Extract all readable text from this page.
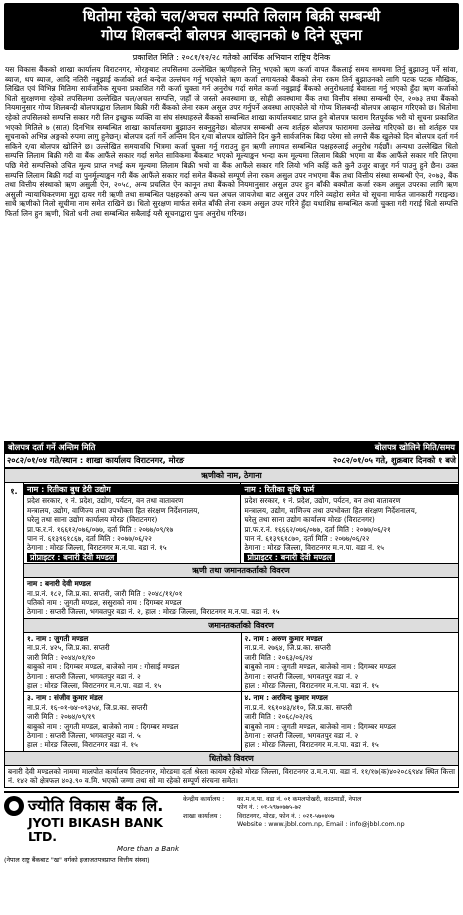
धितोमा रहेको चल/अचल सम्पति लिलाम बिक्री सम्बन्धी
गोप्य शिलबन्दी बोलपत्र आव्हानको ७ दिने सूचना
प्रकाशित मिति : २०८१/१२/२८ गतेको आर्थिक अभियान राष्ट्रिय दैनिक
यस विकास बैंकको शाखा कार्यालय विराटनगर, मोरङ्गबाट तपसिलमा उल्लेखित ऋणीहरुले लिनु भएको ऋण कर्जा वापत वैंकलाई समय समयमा तिर्नु बुझाउनु पर्ने सांवा, ब्याज, थप ब्याज, आदि नतिरी नबुझाई कर्जाको शर्त बन्देज उल्लंघन गर्नु भएकोले ऋण कर्जा लगायतको बैंकको लेना रकम तिर्न बुझाउनको लागि पटक पटक मौखिक, लिखित एवं विभिन्न मितिमा सार्वजनिक सूचना प्रकाशित गरी कर्जा चुक्ता गर्न अनुरोध गर्दा समेत कर्जा नबुझाई बैंकको अनुरोधलाई बेवास्ता गर्नु भएको हुँदा ऋण कर्जाको धितो सुरक्षणमा रहेको तपसिलमा उल्लेखित चल/अचल सम्पत्ति, जहाँ जे जस्तो अवस्थामा छ, सोही अवस्थामा बैंक तथा वित्तीय संस्था सम्बन्धी ऐन, २०७३ तथा बैंकको नियमानुसार गोप्य शिलबन्दी बोलपत्रद्वारा लिलाम बिक्री गरी बैंकको लेना रकम असुल उपर गर्नुपर्ने अवस्था आएकोले यो गोप्य शिलबन्दी बोलपत्र आव्हान गरिएको छ। धितोमा रहेको तपसिलको सम्पत्ति सकार गरी लिन इच्छुक व्यक्ति वा संघ संस्थाहरुले बैंकको सम्बन्धित शाखा कार्यालयबाट प्राप्त हुने बोलपत्र फाराम रितपूर्वक भरी यो सूचना प्रकाशित भएको मितिले ७ (सात) दिनभित्र सम्बन्धित शाखा कार्यालयमा बुझाउन सक्नुहुनेछ। बोलपत्र सम्बन्धी अन्य शर्तहरु बोलपत्र फाराममा उल्लेख गरिएको छ। सो शर्तहरु पत्र सूचनाको अभिन्न अङ्गको रुपमा लागु हुनेछन्। बोलपत्र दर्ता गर्ने अन्तिम दिन र/वा बोलपत्र खोलिने दिन कुनै सार्वजनिक बिदा परेमा सो लगत्तै बैंक खुलेको दिन बोलपत्र दर्ता गर्न सकिने र/वा बोलपत्र खोलिने छ। उल्लेखित समयावधि भित्रमा कर्जा चुक्ता गर्नु गराउनु हुन ऋणी लगायत सम्बन्धित पक्षहरुलाई अनुरोध गर्दछौं। अन्यथा उल्लेखित धितो सम्पत्ति लिलाम बिक्री गरी वा बैंक आफैंले सकार गर्दा समेत साविकमा बैंकबाट भएको मूल्याङ्कन भन्दा कम मूल्यमा लिलाम बिक्री भएमा वा बैंक आफैंले सकार गरि लिएमा पछि मेरो सम्पत्तिको उचित मूल्य प्राप्त नभई कम मूल्यमा लिलाम बिक्री भयो वा बैंक आफैंले सकार गरि लियो भनि कहिं कतै कुनै उजुर बाजुर गर्न पाउनु हुने छैन। उक्त सम्पत्ति लिलाम बिक्री गर्दा वा पुनर्मूल्याङ्कन गरी बैंक आफैंले सकार गर्दा समेत बैंकको सम्पूर्ण लेना रकम असुल उपर नभएमा बैंक तथा वित्तीय संस्था सम्बन्धी ऐन, २०७३, बैंक तथा वित्तीय संस्थाको ऋण असुली ऐन, २०५८, अन्य प्रचलित ऐन कानून तथा बैंकको नियमानुसार असुल उपर हुन बाँकी बक्यौता कर्जा रकम असुल उपरका लागि ऋण असुली न्यायाधिकरणमा मुद्दा दायर गरी ऋणी तथा सम्बन्धित पक्षहरुको अन्य चल अचल जायजेथा बाट असुल उपर गरिने व्यहोरा समेत यो सूचना मार्फत जानकारी गराइन्छ। साथै ऋणीको निलो सूचीमा नाम समेत राखिने छ। धितो सुरक्षण मार्फत समेत बाँकी लेना रकम असुल उपर गरिने हुँदा यथाशिघ्र सम्बन्धित कर्जा चुक्ता गरी गराई धितो सम्पत्ति फिर्ता लिन हुन ऋणी, धितो धनी तथा सम्बन्धित सबैलाई यसै सूचनाद्वारा पुनः अनुरोध गरिन्छ।
बोलपत्र दर्ता गर्ने अन्तिम मिति	बोलपत्र खोलिने मिति/समय
२०८२/०१/०४ गते/स्थान : शाखा कार्यालय विराटनगर, मोरङ	२०८२/०१/०५ गते, शुक्रबार दिनको १ बजे
ऋणीको नाम, ठेगाना
१.	नाम : रितीका बुध डेरी उद्योग
प्रदेश सरकार, १ नं. प्रदेश, उद्योग, पर्यटन, वन तथा वातावरण
मन्त्रालय, उद्योग, वाणिज्य तथा उपभोक्ता हित संरक्षण निर्देशनालय,
घरेलु तथा साना उद्योग कार्यालय मोरङ (विराटनगर)
प्रा.फ.र.नं. १६६१२/०७६/०७७, दर्ता मिति : २०७७/०९/१७
पान नं. ६१३९६१८६७, दर्ता मिति : २०७७/०६/२२
ठेगाना : मोरङ जिल्ला, विराटनगर म.न.पा. वडा नं. १५
प्रोप्राइटर : बनारी देवी मण्डल	
नाम : रितीका कृषि फर्म
प्रदेश सरकार, १ नं. प्रदेश, उद्योग, पर्यटन, वन तथा वातावरण
मन्त्रालय, उद्योग, वाणिज्य तथा उपभोक्ता हित संरक्षण निर्देशनालय,
घरेलु तथा साना उद्योग कार्यालय मोरङ (विराटनगर)
प्रा.फ.र.नं. १६६६२/०७६/०७७, दर्ता मिति : २०७७/०६/२१
पान नं. ६१३९६१८७०, दर्ता मिति : २०७७/०६/२२
ठेगाना : मोरङ जिल्ला, विराटनगर म.न.पा. वडा नं. १५
प्रोप्राइटर : बनारी देवी मण्डल
ऋणी तथा जमानतकर्ताको विवरण

नाम : बनारी देवी मण्डल
ना.प्र.नं. १८२, जि.प्र.का. सप्तरी, जारी मिति : २०४८/११/०१
पतिको नाम : जुगती मण्डल, ससुराको नाम : दिगम्बर मण्डल
ठेगाना : सप्तरी जिल्ला, भगवतपुर वडा नं. २, हाल : मोरङ जिल्ला, विराटनगर म.न.पा. वडा नं. १५

जमानतकर्ताको विवरण

१. नाम : जुगती मण्डल
ना.प्र.नं. ४२५, जि.प्र.का. सप्तरी
जारी मिति : २०४४/०१/१०
बाबुको नाम : दिगम्बर मण्डल, बाजेको नाम : गोसाई मण्डल
ठेगाना : सप्तरी जिल्ला, भगवतपुर वडा नं. २
हाल : मोरङ जिल्ला, विराटनगर म.न.पा. वडा नं. १५

२. नाम : अरुण कुमार मण्डल
ना.प्र.नं. २७६४, जि.प्र.का. सप्तरी
जारी मिति : २०६३/०६/२४
बाबुको नाम : जुगती मण्डल, बाजेको नाम : दिगम्बर मण्डल
ठेगाना : सप्तरी जिल्ला, भगवतपुर वडा नं. २
हाल : मोरङ जिल्ला, विराटनगर म.न.पा. वडा नं. १५

३. नाम : संजीव कुमार मंडल
ना.प्र.नं. १६-०१-७४-०९३५४, जि.प्र.का. सप्तरी
जारी मिति : २०७४/०९/१९
बाबुको नाम : जुगती मण्डल, बाजेको नाम : दिगम्बर मण्डल
ठेगाना : सप्तरी जिल्ला, भगवतपुर वडा नं. ५
हाल : मोरङ जिल्ला, विराटनगर वडा नं. १५

४. नाम : अरविन्द कुमार मण्डल
ना.प्र.नं. १६१०४३/४१०, जि.प्र.का. सप्तरी
जारी मिति : २०६८/०२/२६
बाबुको नाम : जुगती मण्डल, बाजेको नाम : दिगम्बर मण्डल
ठेगाना : सप्तरी जिल्ला, भगवतपुर वडा नं. २
हाल : मोरङ जिल्ला, विराटनगर म.न.पा. वडा नं. १५

धितोको विवरण
बनारी देवी मण्डलको नाममा मालपोत कार्यालय विराटनगर, मोरङमा दर्ता श्रेस्ता कायम रहेको मोरङ जिल्ला, विराटनगर उ.म.न.पा. वडा नं. ११/१७(क)४०२०८६९४४ स्थित कित्ता नं. १४२ को क्षेत्रफल ४०३.९० व.मि. भएको जग्गा तथा सो मा रहेको सम्पूर्ण संरचना समेत।
ज्योति विकास बैंक लि.
JYOTI BIKASH BANK LTD.
More than a Bank
(नेपाल राष्ट्र बैंकबाट "ख" वर्गको इजाजतपत्रप्राप्त वित्तीय संस्था)
केन्द्रीय कार्यालय :	का.म.न.पा. वडा नं. ०१ कमलपोखरी, काठमाडौं, नेपाल
फोन नं. : ०१-५९७०७७५-७२
शाखा कार्यालय :	विराटनगर, मोरङ, फोन नं. : ०२१-५७०४०७
Website : www.jbbl.com.np, Email : info@jbbl.com.np
